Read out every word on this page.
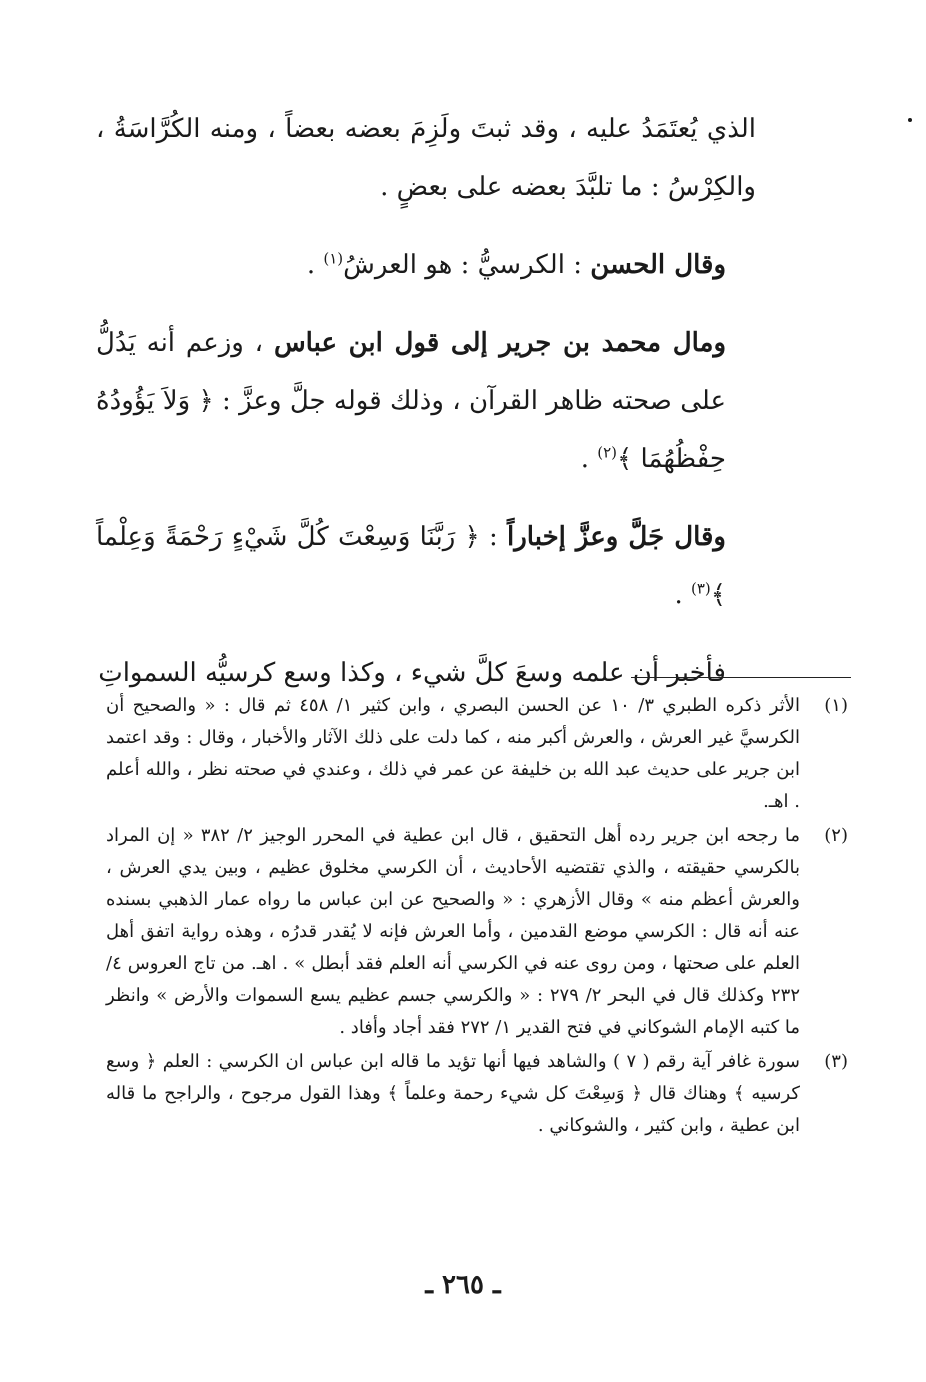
الذي يُعتَمَدُ عليه ، وقد ثبتَ ولَزِمَ بعضه بعضاً ، ومنه الكُرَّاسَةُ ، والكِرْسُ : ما تلبَّدَ بعضه على بعضٍ .

وقال الحسن : الكرسيُّ : هو العرشُ$^{(١)}$ .

ومال محمد بن جرير إلى قول ابن عباس ، وزعم أنه يَدُلُّ على صحته ظاهر القرآن ، وذلك قوله جلَّ وعزَّ : ﴿ وَلاَ يَؤُودُهُ حِفْظُهُمَا ﴾$^{(٢)}$ .

وقال جَلَّ وعزَّ إخباراً : ﴿ رَبَّنَا وَسِعْتَ كُلَّ شَيْءٍ رَحْمَةً وَعِلْماً ﴾$^{(٣)}$ .

فأخبر أن علمه وسعَ كلَّ شيء ، وكذا وسع كرسيُّه السمواتِ

(١)
الأثر ذكره الطبري ٣/ ١٠ عن الحسن البصري ، وابن كثير ١/ ٤٥٨ ثم قال : « والصحيح أن الكرسيَّ غير العرش ، والعرش أكبر منه ، كما دلت على ذلك الآثار والأخبار ، وقال : وقد اعتمد ابن جرير على حديث عبد الله بن خليفة عن عمر في ذلك ، وعندي في صحته نظر ، والله أعلم . اهـ.
(٢)
ما رجحه ابن جرير رده أهل التحقيق ، قال ابن عطية في المحرر الوجيز ٢/ ٣٨٢ « إن المراد بالكرسي حقيقته ، والذي تقتضيه الأحاديث ، أن الكرسي مخلوق عظيم ، وبين يدي العرش ، والعرش أعظم منه » وقال الأزهري : « والصحيح عن ابن عباس ما رواه عمار الذهبي بسنده عنه أنه قال : الكرسي موضع القدمين ، وأما العرش فإنه لا يُقدر قدرُه ، وهذه رواية اتفق أهل العلم على صحتها ، ومن روى عنه في الكرسي أنه العلم فقد أبطل » . اهـ. من تاج العروس ٤/ ٢٣٢ وكذلك قال في البحر ٢/ ٢٧٩ : « والكرسي جسم عظيم يسع السموات والأرض » وانظر ما كتبه الإمام الشوكاني في فتح القدير ١/ ٢٧٢ فقد أجاد وأفاد .
(٣)
سورة غافر آية رقم ( ٧ ) والشاهد فيها أنها تؤيد ما قاله ابن عباس ان الكرسي : العلم ﴿ وسع كرسيه ﴾ وهناك قال ﴿ وَسِعْتَ كل شيء رحمة وعلماً ﴾ وهذا القول مرجوح ، والراجح ما قاله ابن عطية ، وابن كثير ، والشوكاني .
ـ ٢٦٥ ـ
